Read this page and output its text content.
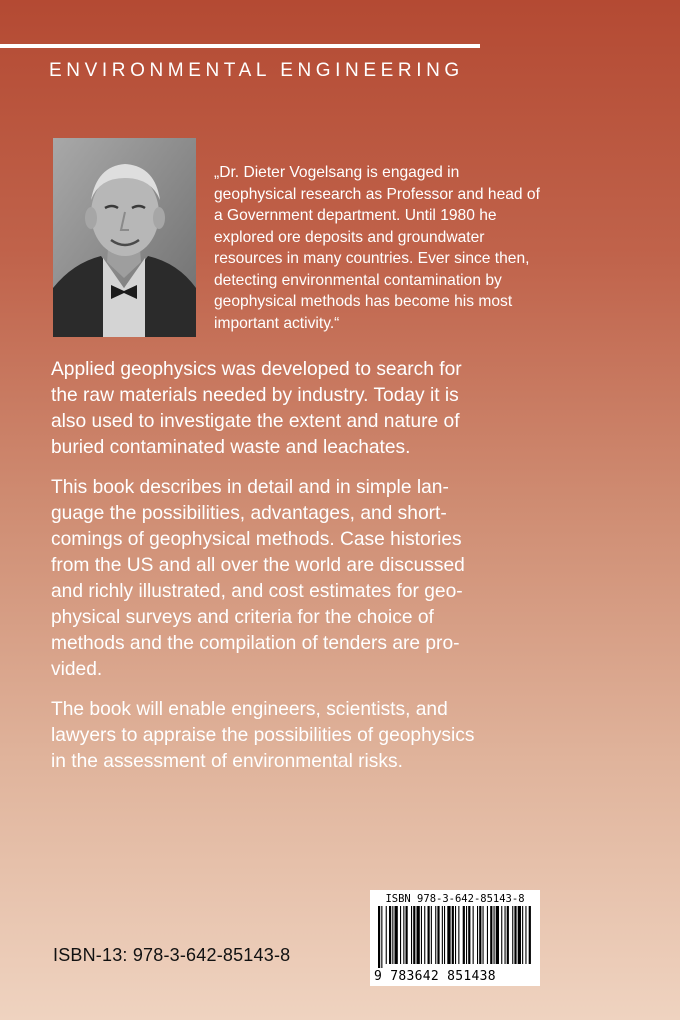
ENVIRONMENTAL ENGINEERING
„Dr. Dieter Vogelsang is engaged in geophysical research as Professor and head of a Government department. Until 1980 he explored ore deposits and groundwater resources in many countries. Ever since then, detecting environmental contamination by geophysical methods has become his most important activity.“

Applied geophysics was developed to search for the raw materials needed by industry. Today it is also used to investigate the extent and nature of buried contaminated waste and leachates.

This book describes in detail and in simple language the possibilities, advantages, and shortcomings of geophysical methods. Case histories from the US and all over the world are discussed and richly illustrated, and cost estimates for geophysical surveys and criteria for the choice of methods and the compilation of tenders are provided.

The book will enable engineers, scientists, and lawyers to appraise the possibilities of geophysics in the assessment of environmental risks.

ISBN-13: 978-3-642-85143-8
ISBN 978-3-642-85143-8
9 783642 851438
